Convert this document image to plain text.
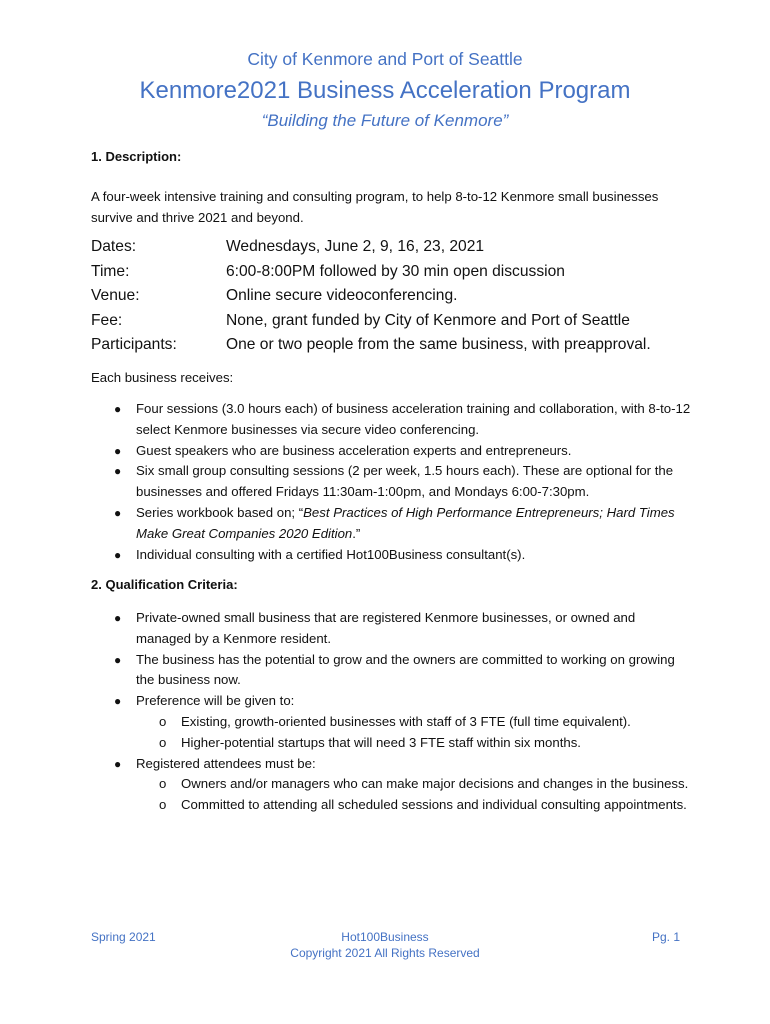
City of Kenmore and Port of Seattle
Kenmore2021 Business Acceleration Program
“Building the Future of Kenmore”
1. Description:
A four-week intensive training and consulting program, to help 8-to-12 Kenmore small businesses survive and thrive 2021 and beyond.
Dates:	Wednesdays, June 2, 9, 16, 23, 2021
Time:	6:00-8:00PM followed by 30 min open discussion
Venue:	Online secure videoconferencing.
Fee:	None, grant funded by City of Kenmore and Port of Seattle
Participants:	One or two people from the same business, with preapproval.
Each business receives:
● Four sessions (3.0 hours each) of business acceleration training and collaboration, with 8-to-12 select Kenmore businesses via secure video conferencing.
● Guest speakers who are business acceleration experts and entrepreneurs.
● Six small group consulting sessions (2 per week, 1.5 hours each). These are optional for the businesses and offered Fridays 11:30am-1:00pm, and Mondays 6:00-7:30pm.
● Series workbook based on; “Best Practices of High Performance Entrepreneurs; Hard Times Make Great Companies 2020 Edition.”
● Individual consulting with a certified Hot100Business consultant(s).
2. Qualification Criteria:
● Private-owned small business that are registered Kenmore businesses, or owned and managed by a Kenmore resident.
● The business has the potential to grow and the owners are committed to working on growing the business now.
● Preference will be given to:
o Existing, growth-oriented businesses with staff of 3 FTE (full time equivalent).
o Higher-potential startups that will need 3 FTE staff within six months.
● Registered attendees must be:
o Owners and/or managers who can make major decisions and changes in the business.
o Committed to attending all scheduled sessions and individual consulting appointments.
Spring 2021	Hot100Business
Copyright 2021 All Rights Reserved
Pg. 1
